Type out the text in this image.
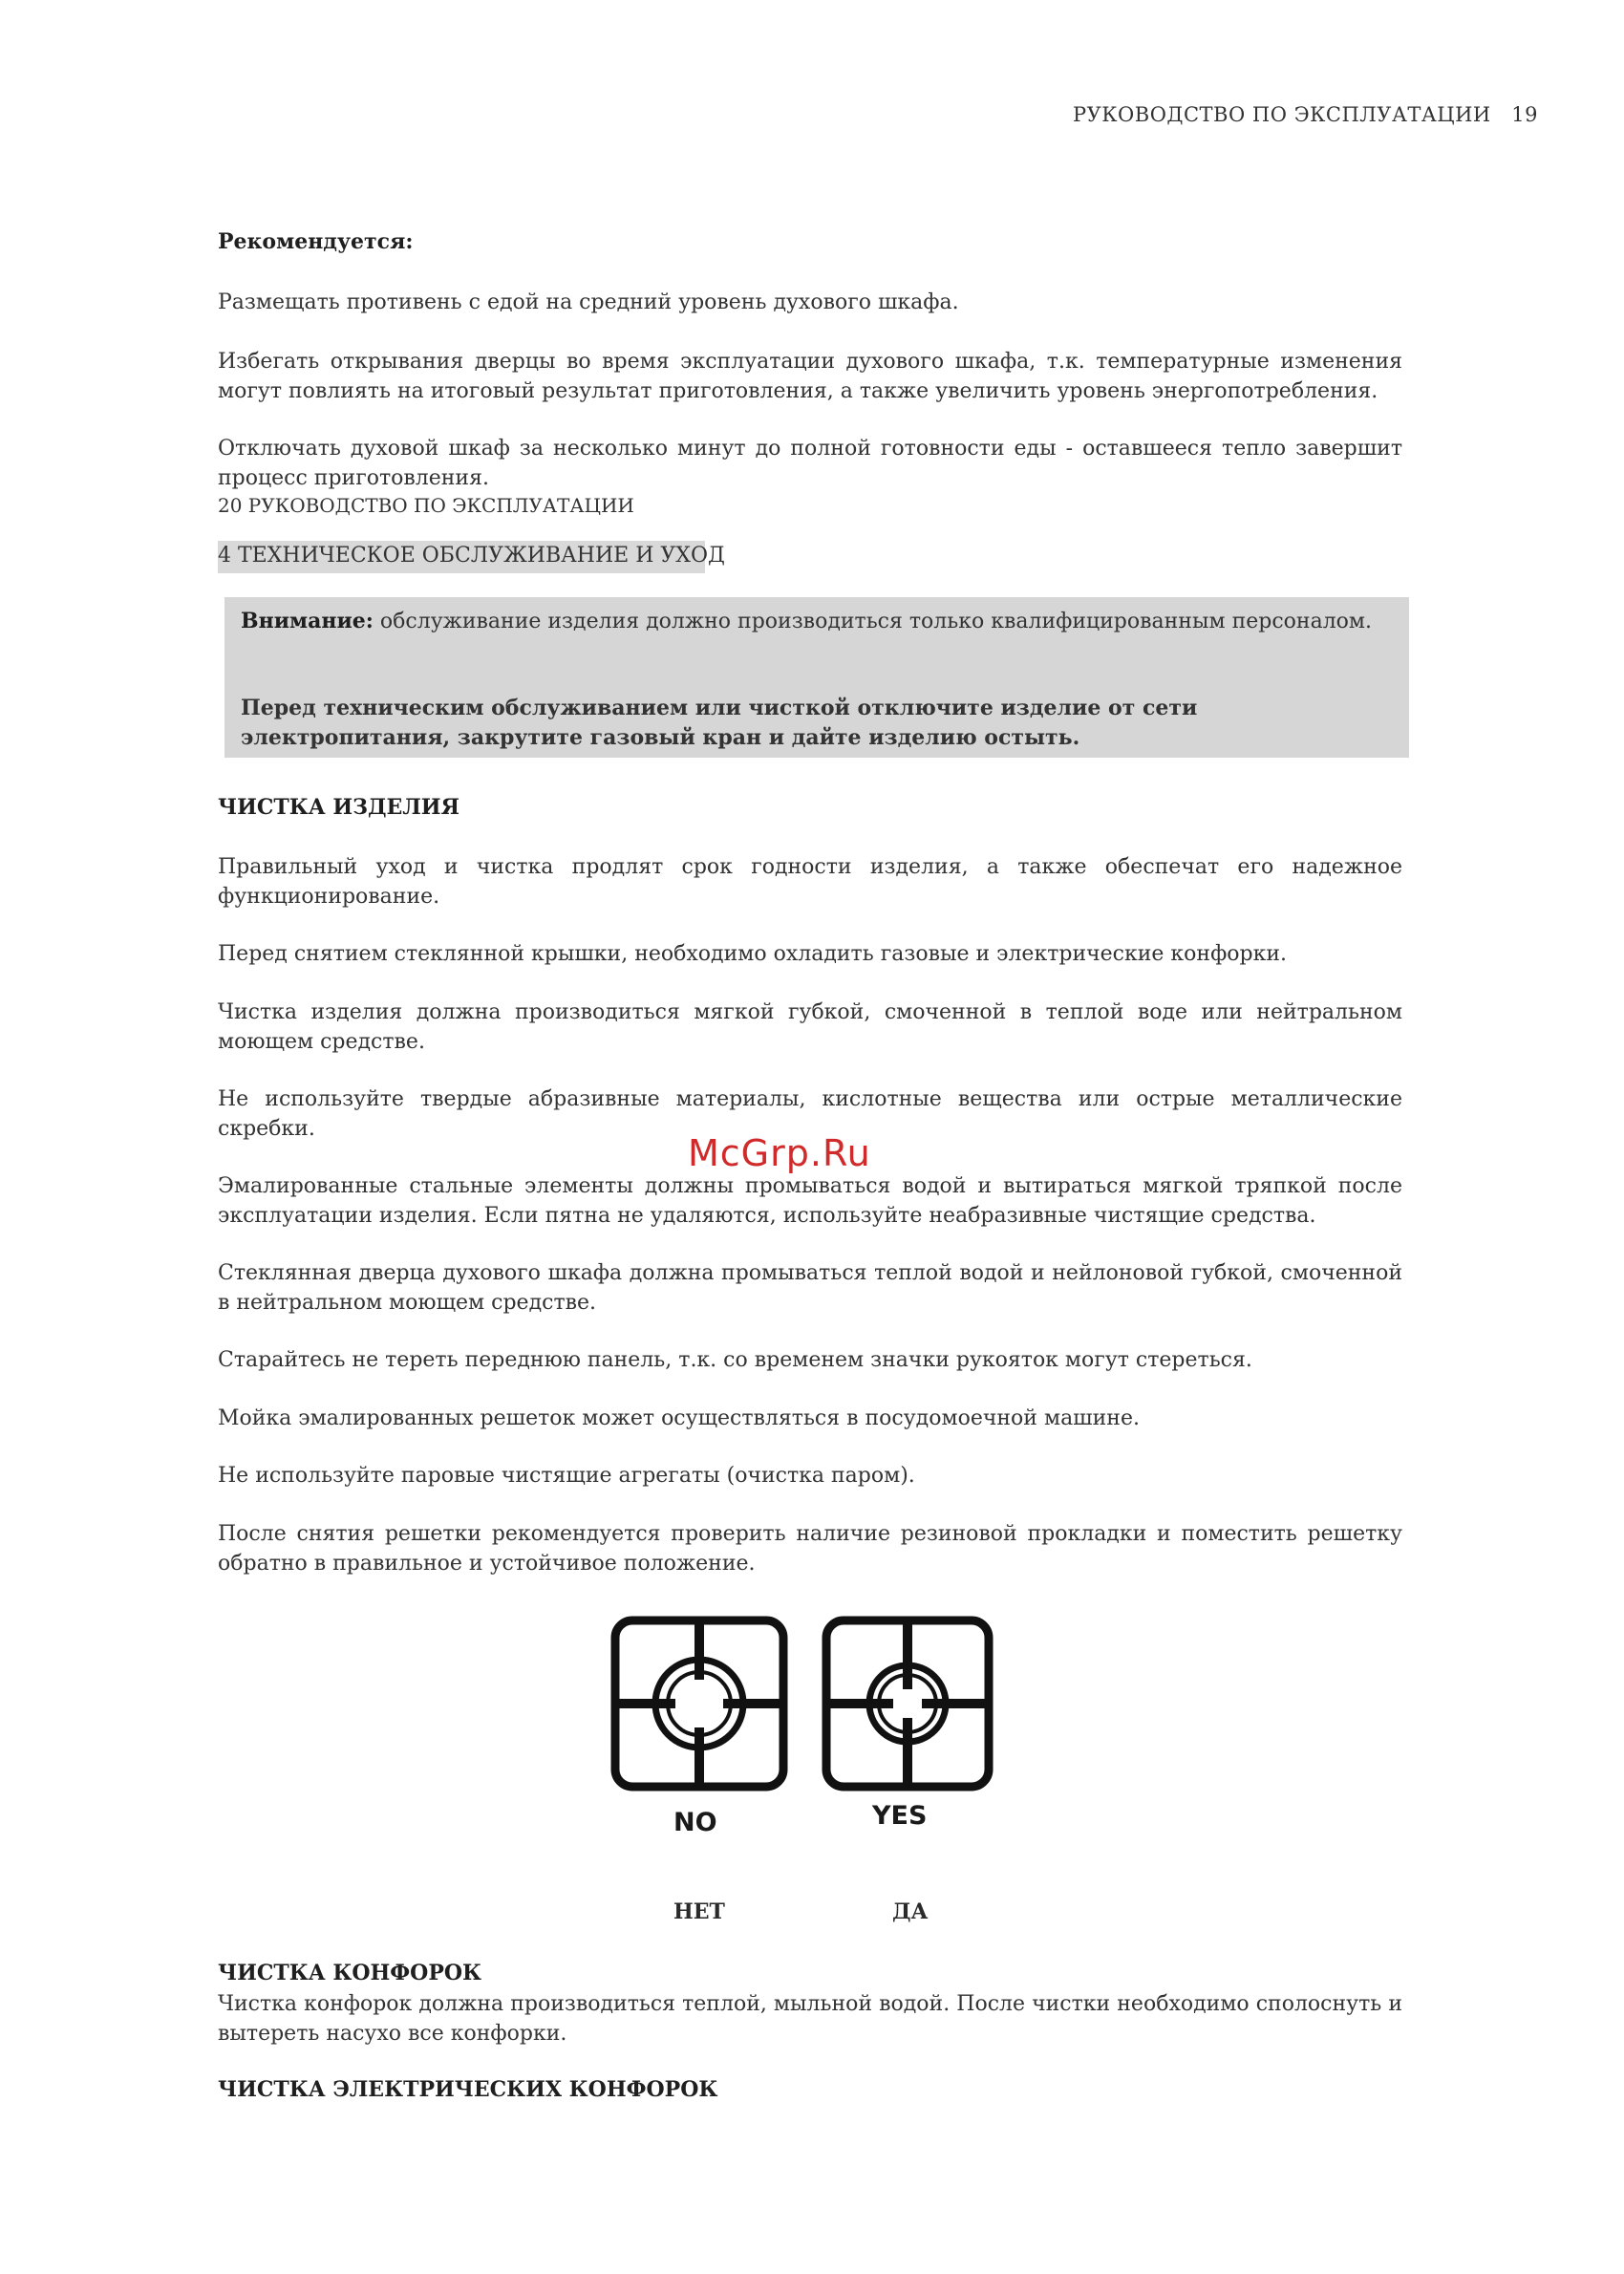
РУКОВОДСТВО ПО ЭКСПЛУАТАЦИИ   19
Рекомендуется:
Размещать противень с едой на средний уровень духового шкафа.
Избегать открывания дверцы во время эксплуатации духового шкафа, т.к. температурные изменения могут повлиять на итоговый результат приготовления, а также увеличить уровень энергопотребления.
Отключать духовой шкаф за несколько минут до полной готовности еды - оставшееся тепло завершит процесс приготовления.
20 РУКОВОДСТВО ПО ЭКСПЛУАТАЦИИ
4 ТЕХНИЧЕСКОЕ ОБСЛУЖИВАНИЕ И УХОД
Внимание: обслуживание изделия должно производиться только квалифицированным персоналом.
Перед техническим обслуживанием или чисткой отключите изделие от сети электропитания, закрутите газовый кран и дайте изделию остыть.
ЧИСТКА ИЗДЕЛИЯ
Правильный уход и чистка продлят срок годности изделия, а также обеспечат его надежное функционирование.
Перед снятием стеклянной крышки, необходимо охладить газовые и электрические конфорки.
Чистка изделия должна производиться мягкой губкой, смоченной в теплой воде или нейтральном моющем средстве.
Не используйте твердые абразивные материалы, кислотные вещества или острые металлические скребки.
Эмалированные стальные элементы должны промываться водой и вытираться мягкой тряпкой после эксплуатации изделия. Если пятна не удаляются, используйте неабразивные чистящие средства.
Стеклянная дверца духового шкафа должна промываться теплой водой и нейлоновой губкой, смоченной в нейтральном моющем средстве.
Старайтесь не тереть переднюю панель, т.к. со временем значки рукояток могут стереться.
Мойка эмалированных решеток может осуществляться в посудомоечной машине.
Не используйте паровые чистящие агрегаты (очистка паром).
После снятия решетки рекомендуется проверить наличие резиновой прокладки и поместить решетку обратно в правильное и устойчивое положение.
McGrp.Ru
NO	YES
НЕТ	ДА
ЧИСТКА КОНФОРОК
Чистка конфорок должна производиться теплой, мыльной водой. После чистки необходимо сполоснуть и вытереть насухо все конфорки.
ЧИСТКА ЭЛЕКТРИЧЕСКИХ КОНФОРОК
